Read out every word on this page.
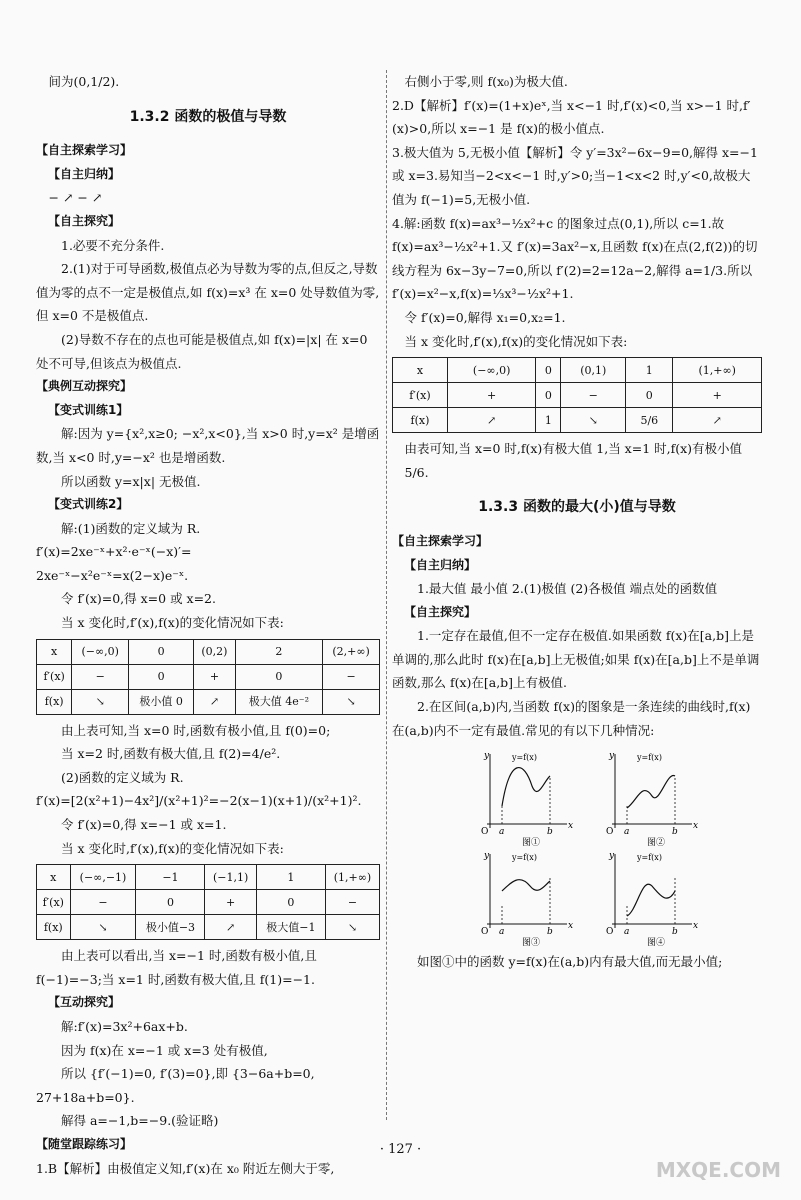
间为(0,1/2).

1.3.2 函数的极值与导数

【自主探索学习】

【自主归纳】

− ↗ − ↗

【自主探究】

1.必要不充分条件.

2.(1)对于可导函数,极值点必为导数为零的点,但反之,导数值为零的点不一定是极值点,如 f(x)=x³ 在 x=0 处导数值为零,但 x=0 不是极值点.

(2)导数不存在的点也可能是极值点,如 f(x)=|x| 在 x=0 处不可导,但该点为极值点.

【典例互动探究】

【变式训练1】

解:因为 y={x²,x≥0; −x²,x<0},当 x>0 时,y=x² 是增函数,当 x<0 时,y=−x² 也是增函数.

所以函数 y=x|x| 无极值.

【变式训练2】

解:(1)函数的定义域为 R.

f′(x)=2xe⁻ˣ+x²·e⁻ˣ(−x)′=

2xe⁻ˣ−x²e⁻ˣ=x(2−x)e⁻ˣ.

令 f′(x)=0,得 x=0 或 x=2.

当 x 变化时,f′(x),f(x)的变化情况如下表:

x	(−∞,0)	0	(0,2)	2	(2,+∞)
f′(x)	−	0	+	0	−
f(x)	↘	极小值 0	↗	极大值 4e⁻²	↘

由上表可知,当 x=0 时,函数有极小值,且 f(0)=0;

当 x=2 时,函数有极大值,且 f(2)=4/e².

(2)函数的定义域为 R.

f′(x)=[2(x²+1)−4x²]/(x²+1)²=−2(x−1)(x+1)/(x²+1)².

令 f′(x)=0,得 x=−1 或 x=1.

当 x 变化时,f′(x),f(x)的变化情况如下表:

x	(−∞,−1)	−1	(−1,1)	1	(1,+∞)
f′(x)	−	0	+	0	−
f(x)	↘	极小值−3	↗	极大值−1	↘

由上表可以看出,当 x=−1 时,函数有极小值,且 f(−1)=−3;当 x=1 时,函数有极大值,且 f(1)=−1.

【互动探究】

解:f′(x)=3x²+6ax+b.

因为 f(x)在 x=−1 或 x=3 处有极值,

所以 {f′(−1)=0, f′(3)=0},即 {3−6a+b=0, 27+18a+b=0}.

解得 a=−1,b=−9.(验证略)

【随堂跟踪练习】

1.B【解析】由极值定义知,f′(x)在 x₀ 附近左侧大于零,

右侧小于零,则 f(x₀)为极大值.

2.D【解析】f′(x)=(1+x)eˣ,当 x<−1 时,f′(x)<0,当 x>−1 时,f′(x)>0,所以 x=−1 是 f(x)的极小值点.

3.极大值为 5,无极小值【解析】令 y′=3x²−6x−9=0,解得 x=−1 或 x=3.易知当−2<x<−1 时,y′>0;当−1<x<2 时,y′<0,故极大值为 f(−1)=5,无极小值.

4.解:函数 f(x)=ax³−½x²+c 的图象过点(0,1),所以 c=1.故 f(x)=ax³−½x²+1.又 f′(x)=3ax²−x,且函数 f(x)在点(2,f(2))的切线方程为 6x−3y−7=0,所以 f′(2)=2=12a−2,解得 a=1/3.所以 f′(x)=x²−x,f(x)=⅓x³−½x²+1.

令 f′(x)=0,解得 x₁=0,x₂=1.

当 x 变化时,f′(x),f(x)的变化情况如下表:

x	(−∞,0)	0	(0,1)	1	(1,+∞)
f′(x)	+	0	−	0	+
f(x)	↗	1	↘	5/6	↗

由表可知,当 x=0 时,f(x)有极大值 1,当 x=1 时,f(x)有极小值 5/6.

1.3.3 函数的最大(小)值与导数

【自主探索学习】

【自主归纳】

1.最大值 最小值 2.(1)极值 (2)各极值 端点处的函数值

【自主探究】

1.一定存在最值,但不一定存在极值.如果函数 f(x)在[a,b]上是单调的,那么此时 f(x)在[a,b]上无极值;如果 f(x)在[a,b]上不是单调函数,那么 f(x)在[a,b]上有极值.

2.在区间(a,b)内,当函数 f(x)的图象是一条连续的曲线时,f(x)在(a,b)内不一定有最值.常见的有以下几种情况:

y
x
O a	b
y=f(x)
图①
y
x
O a	b
y=f(x)
图②
y
x
O a	b
y=f(x)
图③
y
x
O a	b
y=f(x)
图④

如图①中的函数 y=f(x)在(a,b)内有最大值,而无最小值;

· 127 ·
MXQE.COM
